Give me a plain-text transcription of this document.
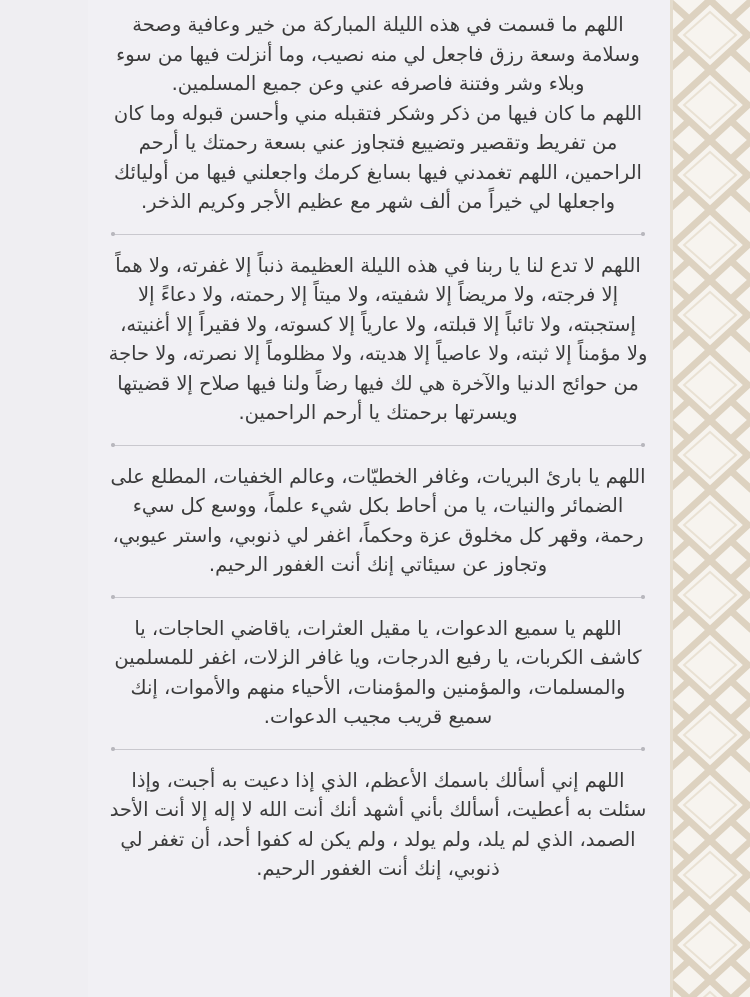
اللهم ما قسمت في هذه الليلة المباركة من خير وعافية وصحة وسلامة وسعة رزق فاجعل لي منه نصيب، وما أنزلت فيها من سوء وبلاء وشر وفتنة فاصرفه عني وعن جميع المسلمين.

اللهم ما كان فيها من ذكر وشكر فتقبله مني وأحسن قبوله وما كان من تفريط وتقصير وتضييع فتجاوز عني بسعة رحمتك يا أرحم الراحمين، اللهم تغمدني فيها بسابغ كرمك واجعلني فيها من أوليائك واجعلها لي خيراً من ألف شهر مع عظيم الأجر وكريم الذخر.

اللهم لا تدع لنا يا ربنا في هذه الليلة العظيمة ذنباً إلا غفرته، ولا هماً إلا فرجته، ولا مريضاً إلا شفيته، ولا ميتاً إلا رحمته، ولا دعاءً إلا إستجبته، ولا تائباً إلا قبلته، ولا عارياً إلا كسوته، ولا فقيراً إلا أغنيته، ولا مؤمناً إلا ثبته، ولا عاصياً إلا هديته، ولا مظلوماً إلا نصرته، ولا حاجة من حوائج الدنيا والآخرة هي لك فيها رضاً ولنا فيها صلاح إلا قضيتها ويسرتها برحمتك يا أرحم الراحمين.

اللهم يا بارئ البريات، وغافر الخطيّات، وعالم الخفيات، المطلع على الضمائر والنيات، يا من أحاط بكل شيء علماً، ووسع كل سيء رحمة، وقهر كل مخلوق عزة وحكماً، اغفر لي ذنوبي، واستر عيوبي، وتجاوز عن سيئاتي إنك أنت الغفور الرحيم.

اللهم يا سميع الدعوات، يا مقيل العثرات، ياقاضي الحاجات، يا كاشف الكربات، يا رفيع الدرجات، ويا غافر الزلات، اغفر للمسلمين والمسلمات، والمؤمنين والمؤمنات، الأحياء منهم والأموات، إنك سميع قريب مجيب الدعوات.

اللهم إني أسألك باسمك الأعظم، الذي إذا دعيت به أجبت، وإذا سئلت به أعطيت، أسألك بأني أشهد أنك أنت الله لا إله إلا أنت الأحد الصمد، الذي لم يلد، ولم يولد ، ولم يكن له كفوا أحد، أن تغفر لي ذنوبي، إنك أنت الغفور الرحيم.
